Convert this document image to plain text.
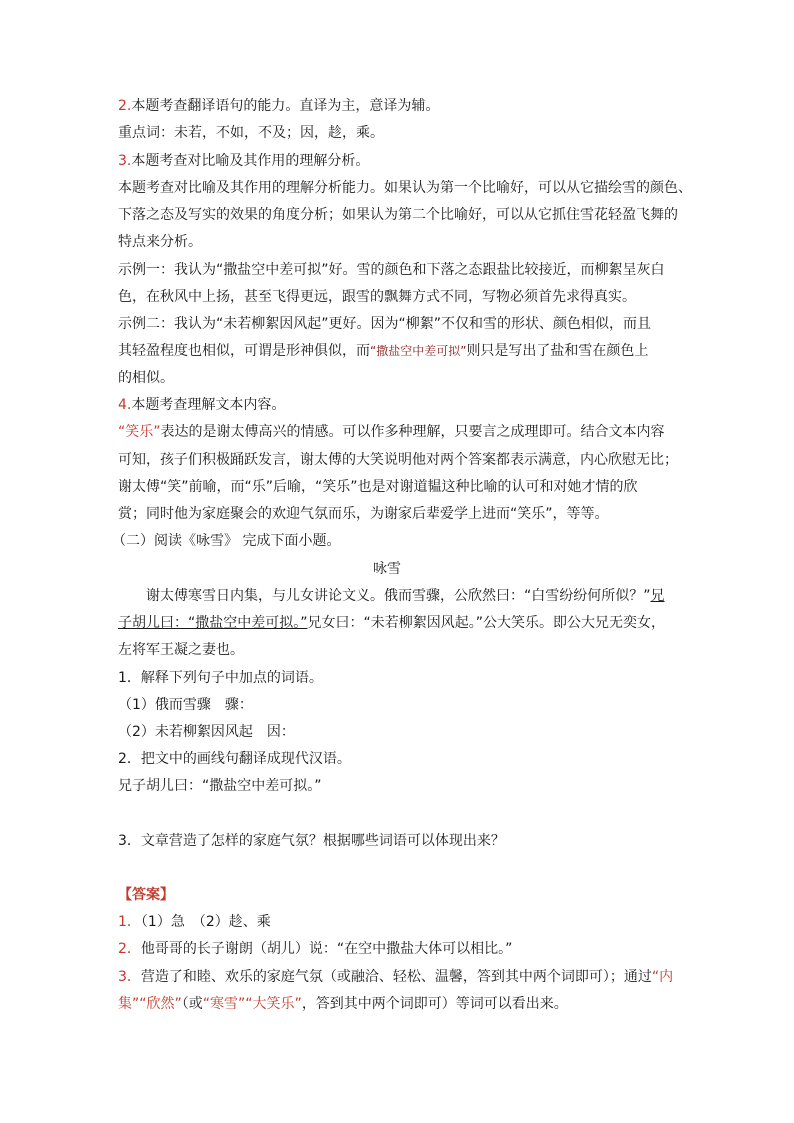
2.本题考查翻译语句的能力。直译为主，意译为辅。
重点词：未若，不如，不及；因，趁，乘。
3.本题考查对比喻及其作用的理解分析。
本题考查对比喻及其作用的理解分析能力。如果认为第一个比喻好，可以从它描绘雪的颜色、
下落之态及写实的效果的角度分析；如果认为第二个比喻好，可以从它抓住雪花轻盈飞舞的
特点来分析。
示例一：我认为“撒盐空中差可拟”好。雪的颜色和下落之态跟盐比较接近，而柳絮呈灰白
色，在秋风中上扬，甚至飞得更远，跟雪的飘舞方式不同，写物必须首先求得真实。
示例二：我认为“未若柳絮因风起”更好。因为“柳絮”不仅和雪的形状、颜色相似，而且
其轻盈程度也相似，可谓是形神俱似，而“撒盐空中差可拟”则只是写出了盐和雪在颜色上
的相似。
4.本题考查理解文本内容。
“笑乐”表达的是谢太傅高兴的情感。可以作多种理解，只要言之成理即可。结合文本内容
可知，孩子们积极踊跃发言，谢太傅的大笑说明他对两个答案都表示满意，内心欣慰无比；
谢太傅“笑”前喻，而“乐”后喻，“笑乐”也是对谢道韫这种比喻的认可和对她才情的欣
赏；同时他为家庭聚会的欢迎气氛而乐，为谢家后辈爱学上进而“笑乐”，等等。
（二）阅读《咏雪》 完成下面小题。
咏雪
谢太傅寒雪日内集，与儿女讲论文义。俄而雪骤，公欣然曰：“白雪纷纷何所似？”兄
子胡儿曰：“撒盐空中差可拟。”兄女曰：“未若柳絮因风起。”公大笑乐。即公大兄无奕女，
左将军王凝之妻也。
1．解释下列句子中加点的词语。
（1）俄而雪骤　骤：
（2）未若柳絮因风起　因：
2．把文中的画线句翻译成现代汉语。
兄子胡儿曰：“撒盐空中差可拟。”
3．文章营造了怎样的家庭气氛？根据哪些词语可以体现出来？
【答案】
1．（1）急　（2）趁、乘
2．他哥哥的长子谢朗（胡儿）说：“在空中撒盐大体可以相比。”
3．营造了和睦、欢乐的家庭气氛（或融洽、轻松、温馨，答到其中两个词即可）；通过“内
集”“欣然”（或“寒雪”“大笑乐”，答到其中两个词即可）等词可以看出来。
